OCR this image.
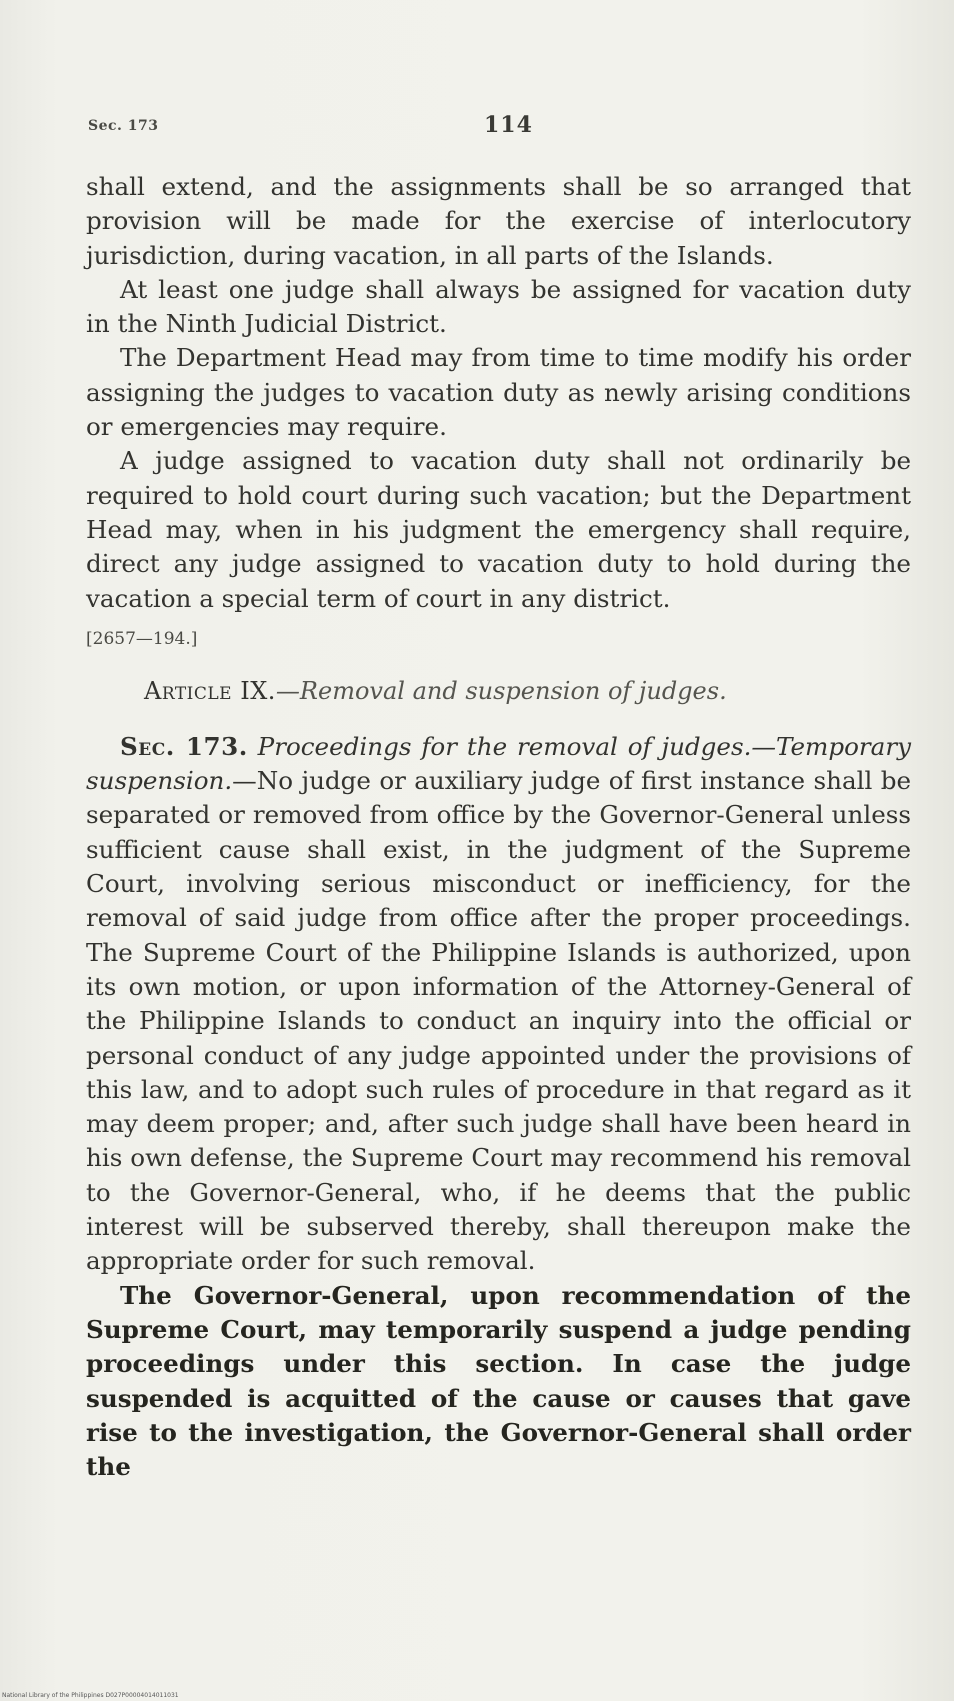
Sec. 173	114

shall extend, and the assignments shall be so arranged that provision will be made for the exercise of interlocutory jurisdiction, during vacation, in all parts of the Islands.

At least one judge shall always be assigned for vacation duty in the Ninth Judicial District.

The Department Head may from time to time modify his order assigning the judges to vacation duty as newly arising conditions or emergencies may require.

A judge assigned to vacation duty shall not ordinarily be required to hold court during such vacation; but the Department Head may, when in his judgment the emergency shall require, direct any judge assigned to vacation duty to hold during the vacation a special term of court in any district.

[2657—194.]

Article IX.—Removal and suspension of judges.

Sec. 173. Proceedings for the removal of judges.—Temporary suspension.—No judge or auxiliary judge of first instance shall be separated or removed from office by the Governor-General unless sufficient cause shall exist, in the judgment of the Supreme Court, involving serious misconduct or inefficiency, for the removal of said judge from office after the proper proceedings. The Supreme Court of the Philippine Islands is authorized, upon its own motion, or upon information of the Attorney-General of the Philippine Islands to conduct an inquiry into the official or personal conduct of any judge appointed under the provisions of this law, and to adopt such rules of procedure in that regard as it may deem proper; and, after such judge shall have been heard in his own defense, the Supreme Court may recommend his removal to the Governor-General, who, if he deems that the public interest will be subserved thereby, shall thereupon make the appropriate order for such removal.

The Governor-General, upon recommendation of the Supreme Court, may temporarily suspend a judge pending proceedings under this section. In case the judge suspended is acquitted of the cause or causes that gave rise to the investigation, the Governor-General shall order the

National Library of the Philippines D027P00004014011031
